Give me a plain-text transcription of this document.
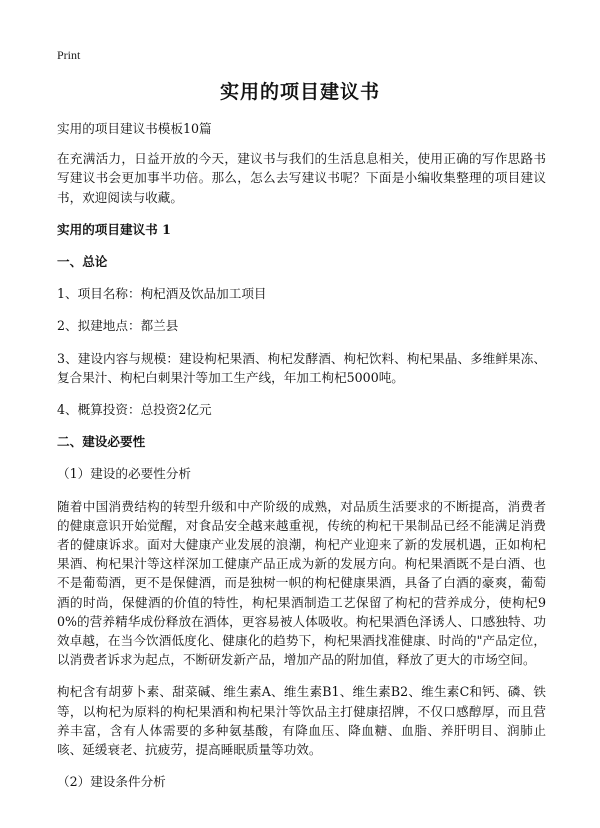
Print
实用的项目建议书

实用的项目建议书模板10篇

在充满活力，日益开放的今天，建议书与我们的生活息息相关，使用正确的写作思路书写建议书会更加事半功倍。那么，怎么去写建议书呢？下面是小编收集整理的项目建议书，欢迎阅读与收藏。

实用的项目建议书 1

一、总论

1、项目名称：枸杞酒及饮品加工项目

2、拟建地点：都兰县

3、建设内容与规模：建设枸杞果酒、枸杞发酵酒、枸杞饮料、枸杞果晶、多维鲜果冻、复合果汁、枸杞白刺果汁等加工生产线，年加工枸杞5000吨。

4、概算投资：总投资2亿元

二、建设必要性

（1）建设的必要性分析

随着中国消费结构的转型升级和中产阶级的成熟，对品质生活要求的不断提高，消费者的健康意识开始觉醒，对食品安全越来越重视，传统的枸杞干果制品已经不能满足消费者的健康诉求。面对大健康产业发展的浪潮，枸杞产业迎来了新的发展机遇，正如枸杞果酒、枸杞果汁等这样深加工健康产品正成为新的发展方向。枸杞果酒既不是白酒、也不是葡萄酒，更不是保健酒，而是独树一帜的枸杞健康果酒，具备了白酒的豪爽，葡萄酒的时尚，保健酒的价值的特性，枸杞果酒制造工艺保留了枸杞的营养成分，使枸杞90%的营养精华成份释放在酒体，更容易被人体吸收。枸杞果酒色泽诱人、口感独特、功效卓越，在当今饮酒低度化、健康化的趋势下，枸杞果酒找准健康、时尚的"产品定位，以消费者诉求为起点，不断研发新产品，增加产品的附加值，释放了更大的市场空间。

枸杞含有胡萝卜素、甜菜碱、维生素A、维生素B1、维生素B2、维生素C和钙、磷、铁等，以枸杞为原料的枸杞果酒和枸杞果汁等饮品主打健康招牌，不仅口感醇厚，而且营养丰富，含有人体需要的多种氨基酸，有降血压、降血糖、血脂、养肝明目、润肺止咳、延缓衰老、抗疲劳，提高睡眠质量等功效。

（2）建设条件分析
